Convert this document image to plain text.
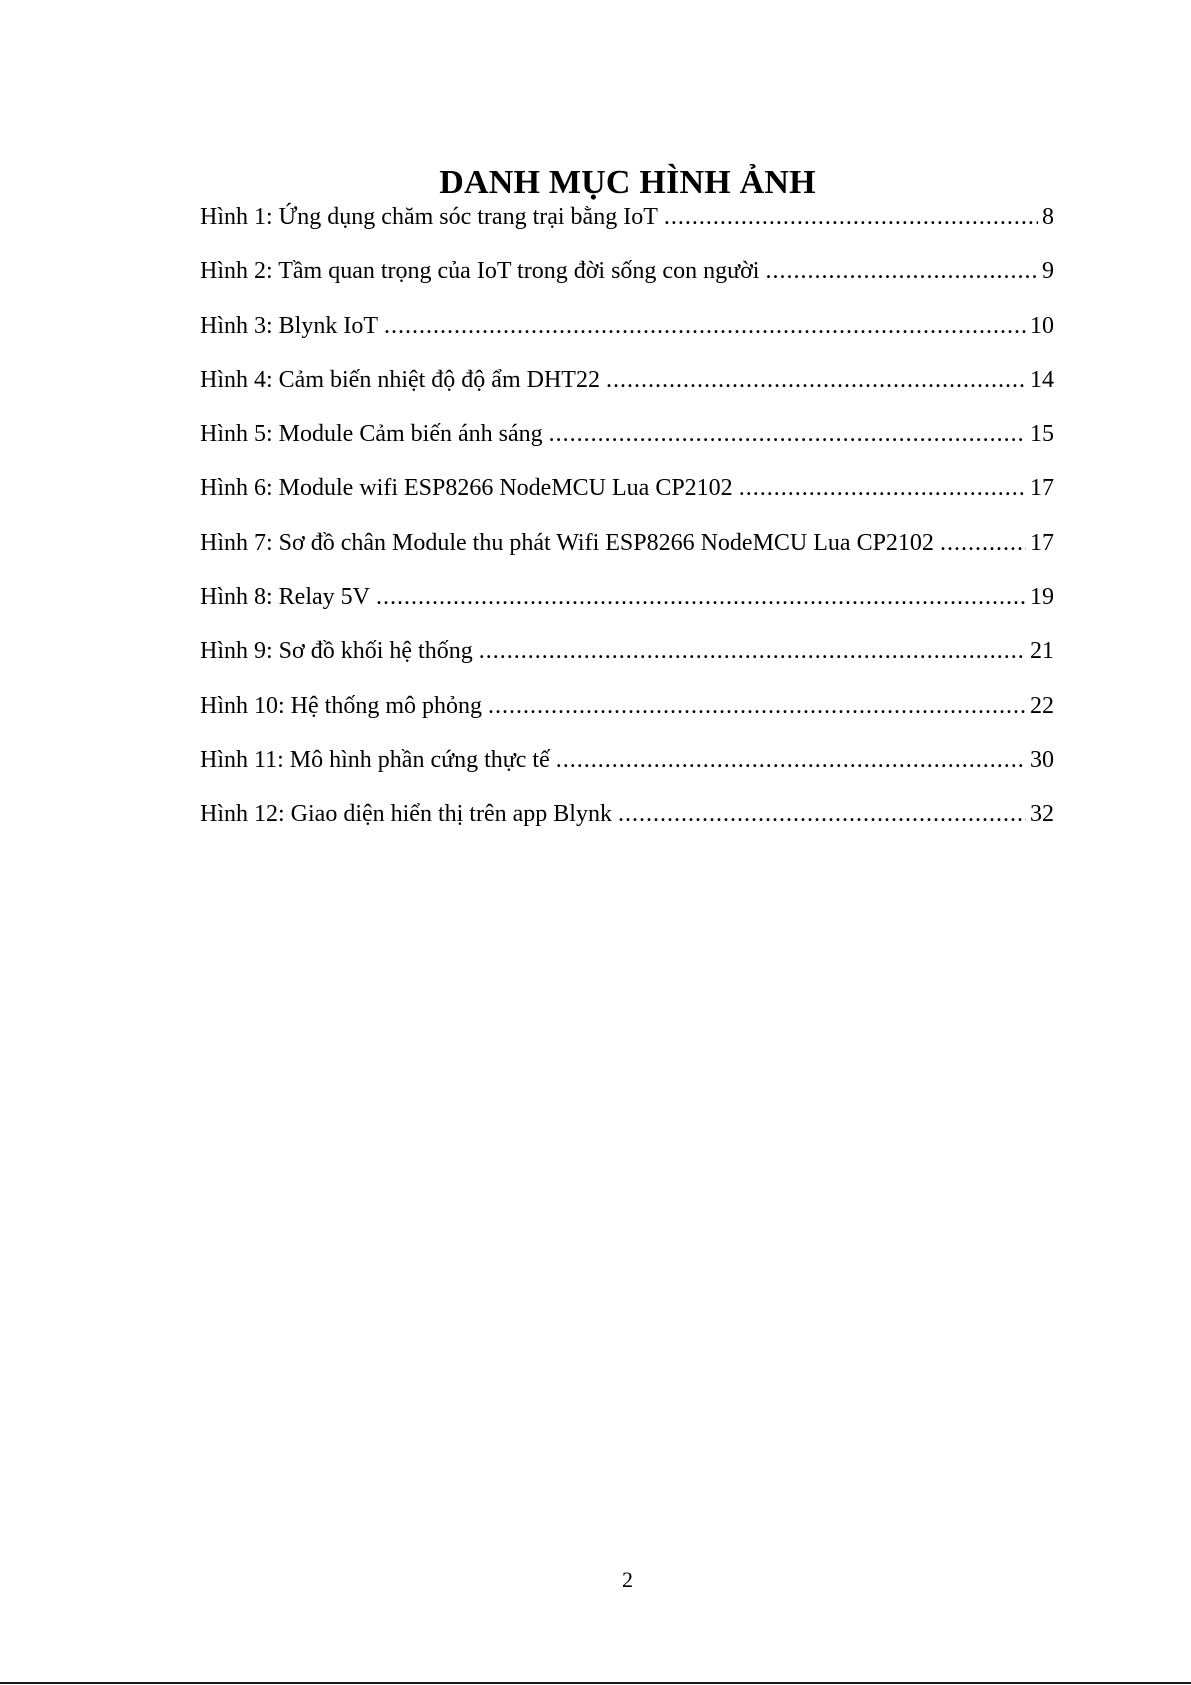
DANH MỤC HÌNH ẢNH
Hình 1: Ứng dụng chăm sóc trang trại bằng IoT .....	8
Hình 2: Tầm quan trọng của IoT trong đời sống con người .....	9
Hình 3: Blynk IoT .....	10
Hình 4: Cảm biến nhiệt độ độ ẩm DHT22 .....	14
Hình 5: Module Cảm biến ánh sáng .....	15
Hình 6: Module wifi ESP8266 NodeMCU Lua CP2102 .....	17
Hình 7: Sơ đồ chân Module thu phát Wifi ESP8266 NodeMCU Lua CP2102 .....	17
Hình 8: Relay 5V .....	19
Hình 9: Sơ đồ khối hệ thống .....	21
Hình 10: Hệ thống mô phỏng .....	22
Hình 11: Mô hình phần cứng thực tế .....	30
Hình 12: Giao diện hiển thị trên app Blynk .....	32
2
